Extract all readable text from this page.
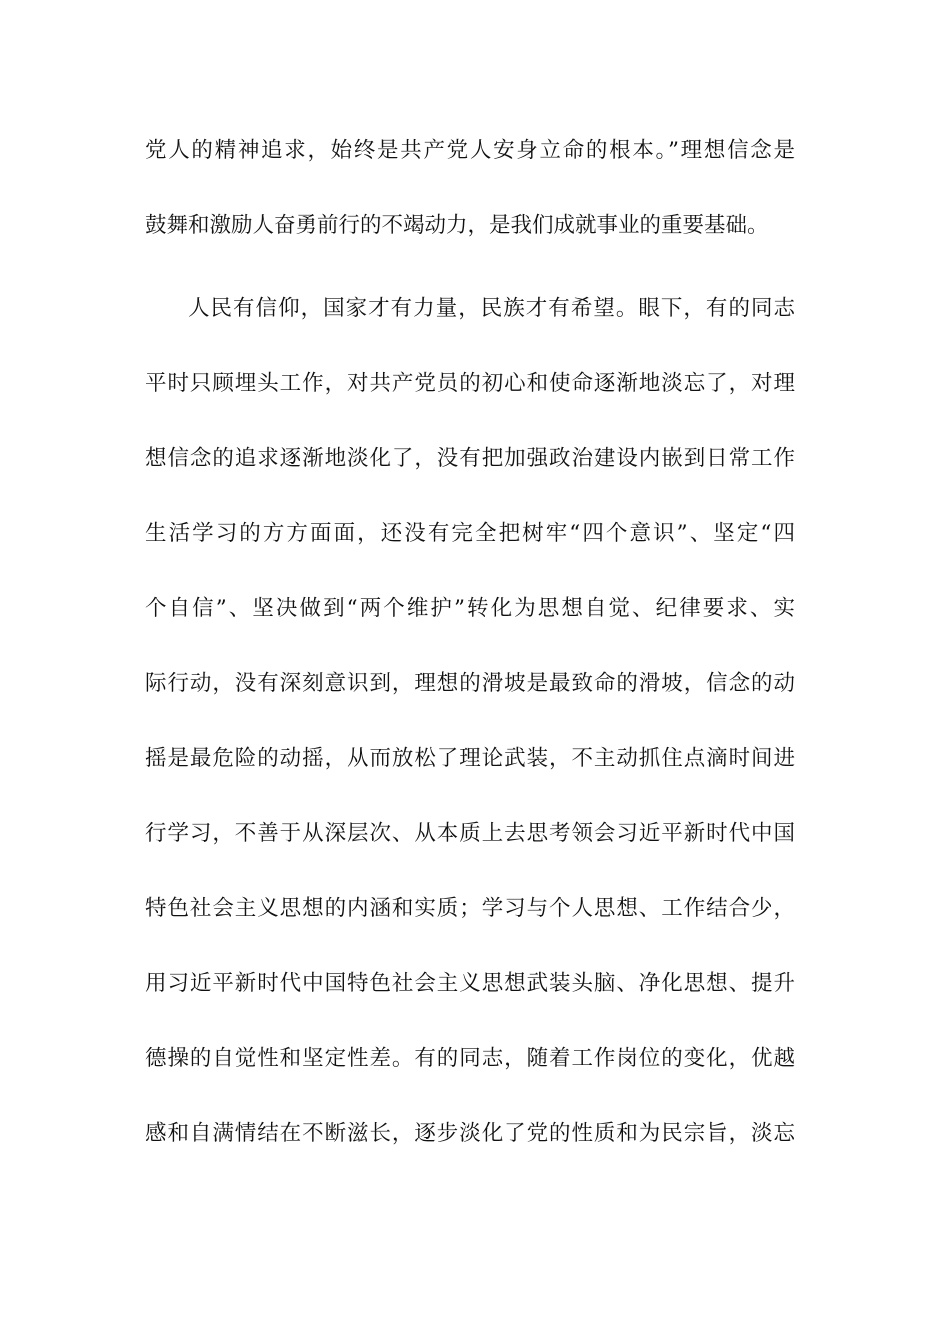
党人的精神追求，始终是共产党人安身立命的根本。”理想信念是
鼓舞和激励人奋勇前行的不竭动力，是我们成就事业的重要基础。
人民有信仰，国家才有力量，民族才有希望。眼下，有的同志
平时只顾埋头工作，对共产党员的初心和使命逐渐地淡忘了，对理
想信念的追求逐渐地淡化了，没有把加强政治建设内嵌到日常工作
生活学习的方方面面，还没有完全把树牢“四个意识”、坚定“四
个自信”、坚决做到“两个维护”转化为思想自觉、纪律要求、实
际行动，没有深刻意识到，理想的滑坡是最致命的滑坡，信念的动
摇是最危险的动摇，从而放松了理论武装，不主动抓住点滴时间进
行学习，不善于从深层次、从本质上去思考领会习近平新时代中国
特色社会主义思想的内涵和实质；学习与个人思想、工作结合少，
用习近平新时代中国特色社会主义思想武装头脑、净化思想、提升
德操的自觉性和坚定性差。有的同志，随着工作岗位的变化，优越
感和自满情结在不断滋长，逐步淡化了党的性质和为民宗旨，淡忘
